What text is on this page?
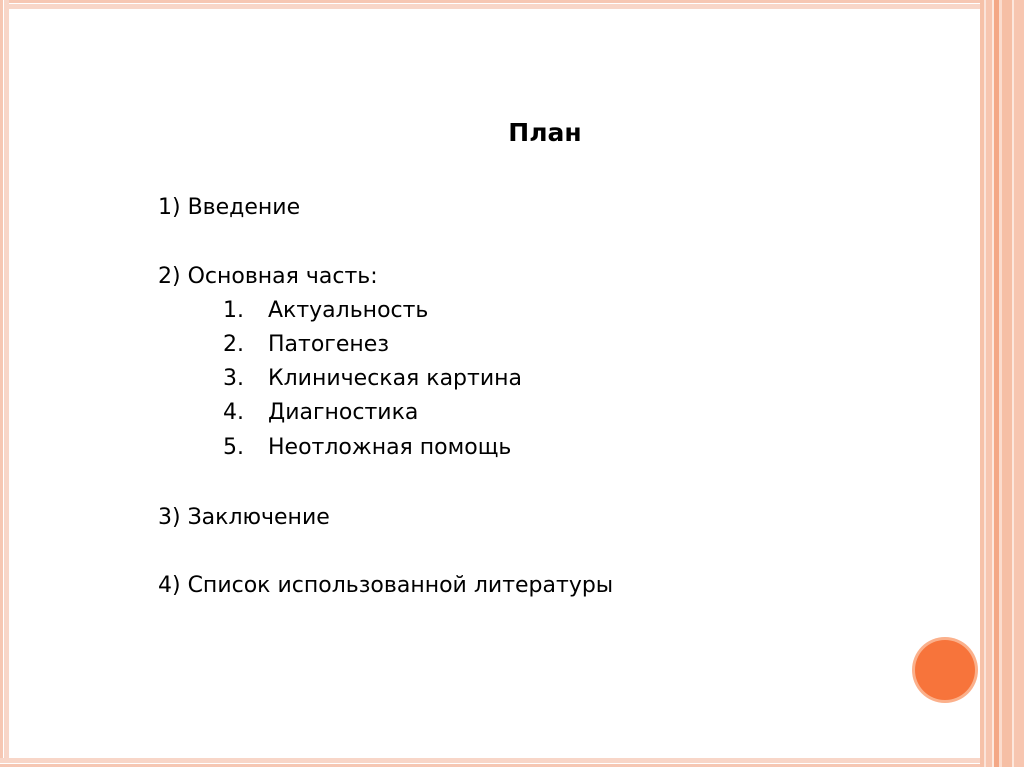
План
1) Введение
2) Основная часть:
1. Актуальность
2. Патогенез
3. Клиническая картина
4. Диагностика
5. Неотложная помощь
3) Заключение
4) Список использованной литературы
